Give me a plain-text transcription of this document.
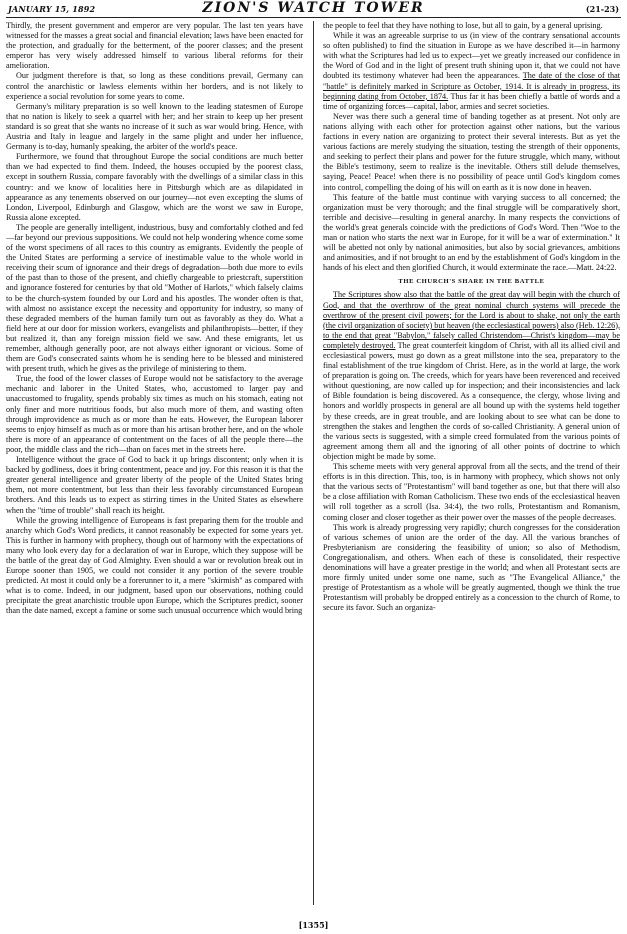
JANUARY 15, 1892	ZION'S WATCH TOWER	(21-23)

Thirdly, the present government and emperor are very popular. The last ten years have witnessed for the masses a great social and financial elevation; laws have been enacted for the protection, and gradually for the betterment, of the poorer classes; and the present emperor has very wisely addressed himself to various liberal reforms for their amelioration.

Our judgment therefore is that, so long as these conditions prevail, Germany can control the anarchistic or lawless elements within her borders, and is not likely to experience a social revolution for some years to come.

Germany's military preparation is so well known to the leading statesmen of Europe that no nation is likely to seek a quarrel with her; and her strain to keep up her present standard is so great that she wants no increase of it such as war would bring. Hence, with Austria and Italy in league and largely in the same plight and under her influence, Germany is to-day, humanly speaking, the arbiter of the world's peace.

Furthermore, we found that throughout Europe the social conditions are much better than we had expected to find them. Indeed, the houses occupied by the poorest class, except in southern Russia, compare favorably with the dwellings of a similar class in this country: and we know of localities here in Pittsburgh which are as dilapidated in appearance as any tenements observed on our journey—not even excepting the slums of London, Liverpool, Edinburgh and Glasgow, which are the worst we saw in Europe, Russia alone excepted.

The people are generally intelligent, industrious, busy and comfortably clothed and fed—far beyond our previous suppositions. We could not help wondering whence come some of the worst specimens of all races to this country as emigrants. Evidently the people of the United States are performing a service of inestimable value to the whole world in receiving their scum of ignorance and their dregs of degradation—both due more to evils of the past than to those of the present, and chiefly chargeable to priestcraft, superstition and ignorance fostered for centuries by that old "Mother of Harlots," which falsely claims to be the church-system founded by our Lord and his apostles. The wonder often is that, with almost no assistance except the necessity and opportunity for industry, so many of these degraded members of the human family turn out as favorably as they do. What a field here at our door for mission workers, evangelists and philanthropists—better, if they but realized it, than any foreign mission field we saw. And these emigrants, let us remember, although generally poor, are not always either ignorant or vicious. Some of them are God's consecrated saints whom he is sending here to be blessed and ministered with present truth, which he gives as the privilege of ministering to them.

True, the food of the lower classes of Europe would not be satisfactory to the average mechanic and laborer in the United States, who, accustomed to larger pay and unaccustomed to frugality, spends probably six times as much on his stomach, eating not only finer and more nutritious foods, but also much more of them, and wasting often through improvidence as much as or more than he eats. However, the European laborer seems to enjoy himself as much as or more than his artisan brother here, and on the whole there is more of an appearance of contentment on the faces of all the people there—the poor, the middle class and the rich—than on faces met in the streets here.

Intelligence without the grace of God to back it up brings discontent; only when it is backed by godliness, does it bring contentment, peace and joy. For this reason it is that the greater general intelligence and greater liberty of the people of the United States bring them, not more contentment, but less than their less favorably circumstanced European brothers. And this leads us to expect as stirring times in the United States as elsewhere when the "time of trouble" shall reach its height.

While the growing intelligence of Europeans is fast preparing them for the trouble and anarchy which God's Word predicts, it cannot reasonably be expected for some years yet. This is further in harmony with prophecy, though out of harmony with the expectations of many who look every day for a declaration of war in Europe, which they suppose will be the battle of the great day of God Almighty. Even should a war or revolution break out in Europe sooner than 1905, we could not consider it any portion of the severe trouble predicted. At most it could only be a forerunner to it, a mere "skirmish" as compared with what is to come. Indeed, in our judgment, based upon our observations, nothing could precipitate the great anarchistic trouble upon Europe, which the Scriptures predict, sooner than the date named, except a famine or some such unusual occurrence which would bring

the people to feel that they have nothing to lose, but all to gain, by a general uprising.

While it was an agreeable surprise to us (in view of the contrary sensational accounts so often published) to find the situation in Europe as we have described it—in harmony with what the Scriptures had led us to expect—yet we greatly increased our confidence in the Word of God and in the light of present truth shining upon it, that we could not have doubted its testimony whatever had been the appearances. The date of the close of that "battle" is definitely marked in Scripture as October, 1914. It is already in progress, its beginning dating from October, 1874. Thus far it has been chiefly a battle of words and a time of organizing forces—capital, labor, armies and secret societies.

Never was there such a general time of banding together as at present. Not only are nations allying with each other for protection against other nations, but the various factions in every nation are organizing to protect their several interests. But as yet the various factions are merely studying the situation, testing the strength of their opponents, and seeking to perfect their plans and power for the future struggle, which many, without the Bible's testimony, seem to realize is the inevitable. Others still delude themselves, saying, Peace! Peace! when there is no possibility of peace until God's kingdom comes into control, compelling the doing of his will on earth as it is now done in heaven.

This feature of the battle must continue with varying success to all concerned; the organization must be very thorough; and the final struggle will be comparatively short, terrible and decisive—resulting in general anarchy. In many respects the convictions of the world's great generals coincide with the predictions of God's Word. Then "Woe to the man or nation who starts the next war in Europe, for it will be a war of extermination." It will be abetted not only by national animosities, but also by social grievances, ambitions and animosities, and if not brought to an end by the establishment of God's kingdom in the hands of his elect and then glorified Church, it would exterminate the race.—Matt. 24:22.

THE CHURCH'S SHARE IN THE BATTLE

The Scriptures show also that the battle of the great day will begin with the church of God, and that the overthrow of the great nominal church systems will precede the overthrow of the present civil powers; for the Lord is about to shake, not only the earth (the civil organization of society) but heaven (the ecclesiastical powers) also (Heb. 12:26), to the end that great "Babylon," falsely called Christendom—Christ's kingdom—may be completely destroyed. The great counterfeit kingdom of Christ, with all its allied civil and ecclesiastical powers, must go down as a great millstone into the sea, preparatory to the final establishment of the true kingdom of Christ. Here, as in the world at large, the work of preparation is going on. The creeds, which for years have been reverenced and received without questioning, are now called up for inspection; and their inconsistencies and lack of Bible foundation is being discovered. As a consequence, the clergy, whose living and honors and worldly prospects in general are all bound up with the systems held together by these creeds, are in great trouble, and are looking about to see what can be done to strengthen the stakes and lengthen the cords of so-called Christianity. A general union of the various sects is suggested, with a simple creed formulated from the various points of agreement among them all and the ignoring of all other points of doctrine to which objection might be made by some.

This scheme meets with very general approval from all the sects, and the trend of their efforts is in this direction. This, too, is in harmony with prophecy, which shows not only that the various sects of "Protestantism" will band together as one, but that there will also be a close affiliation with Roman Catholicism. These two ends of the ecclesiastical heaven will roll together as a scroll (Isa. 34:4), the two rolls, Protestantism and Romanism, coming closer and closer together as their power over the masses of the people decreases.

This work is already progressing very rapidly; church congresses for the consideration of various schemes of union are the order of the day. All the various branches of Presbyterianism are considering the feasibility of union; so also of Methodism, Congregationalism, and others. When each of these is consolidated, their respective denominations will have a greater prestige in the world; and when all Protestant sects are more firmly united under some one name, such as "The Evangelical Alliance," the prestige of Protestantism as a whole will be greatly augmented, though we think the true Protestantism will probably be dropped entirely as a concession to the church of Rome, to secure its favor. Such an organiza-

[1355]
